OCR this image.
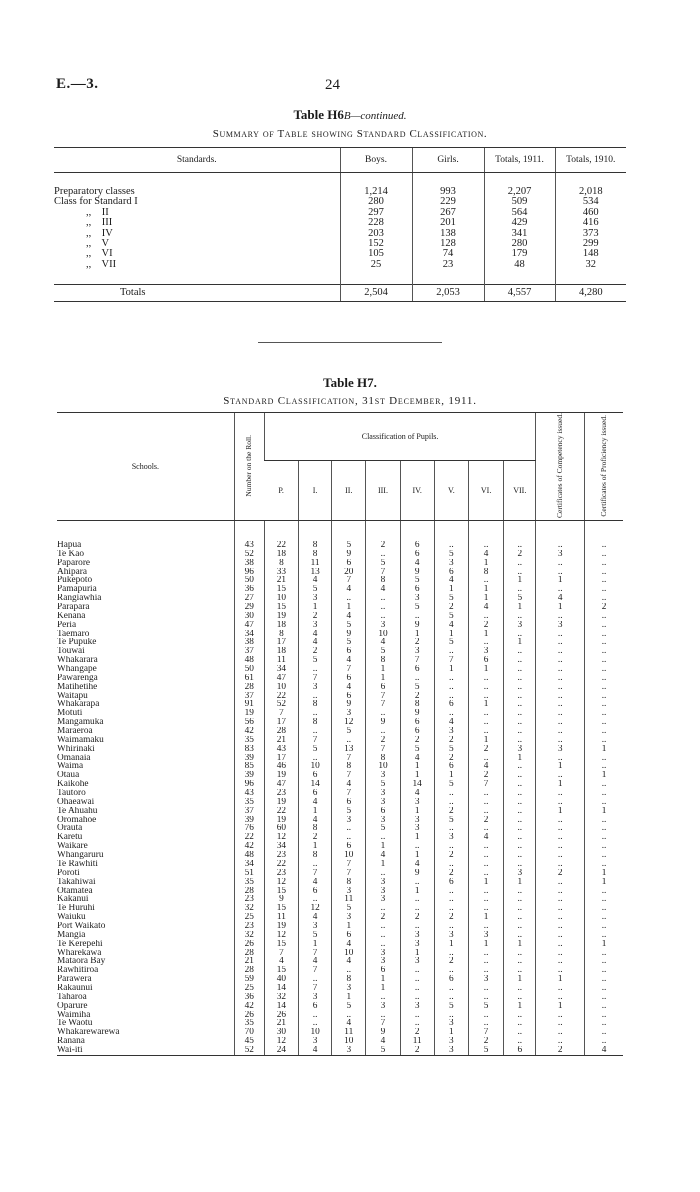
E.—3.	24
Table H6B—continued.
Summary of Table showing Standard Classification.
Standards.	Boys.	Girls.	Totals, 1911.	Totals, 1910.

Preparatory classes	1,214	993	2,207	2,018
Class for Standard I	280	229	509	534
,,    II	297	267	564	460
,,    III	228	201	429	416
,,    IV	203	138	341	373
,,    V	152	128	280	299
,,    VI	105	74	179	148
,,    VII	25	23	48	32

Totals	2,504	2,053	4,557	4,280
Table H7.
Standard Classification, 31st December, 1911.
Schools.	Number on the Roll.	Classification of Pupils.								Certificates of Competency issued.	Certificates of Proficiency issued.
		P.	I.	II.	III.	IV.	V.	VI.	VII.		

Hapua	43	22	8	5	2	6	..	..	..	..	..
Te Kao	52	18	8	9	..	6	5	4	2	3	..
Paparore	38	8	11	6	5	4	3	1	..	..	..
Ahipara	96	33	13	20	7	9	6	8	..	..	..
Pukepoto	50	21	4	7	8	5	4	..	1	1	..
Pamapuria	36	15	5	4	4	6	1	1	..	..	..
Rangiawhia	27	10	3	..	..	3	5	1	5	4	..
Parapara	29	15	1	1	..	5	2	4	1	1	2
Kenana	30	19	2	4	..	..	5	..	..	..	..
Peria	47	18	3	5	3	9	4	2	3	3	..
Taemaro	34	8	4	9	10	1	1	1	..	..	..
Te Pupuke	38	17	4	5	4	2	5	..	1	..	..
Touwai	37	18	2	6	5	3	..	3	..	..	..
Whakarara	48	11	5	4	8	7	7	6	..	..	..
Whangape	50	34	..	7	1	6	1	1	..	..	..
Pawarenga	61	47	7	6	1	..	..	..	..	..	..
Matihetihe	28	10	3	4	6	5	..	..	..	..	..
Waitapu	37	22	..	6	7	2	..	..	..	..	..
Whakarapa	91	52	8	9	7	8	6	1	..	..	..
Motuti	19	7	..	3	..	9	..	..	..	..	..
Mangamuka	56	17	8	12	9	6	4	..	..	..	..
Maraeroa	42	28	..	5	..	6	3	..	..	..	..
Waimamaku	35	21	7	..	2	2	2	1	..	..	..
Whirinaki	83	43	5	13	7	5	5	2	3	3	1
Omanaia	39	17	..	7	8	4	2	..	1	..	..
Waima	85	46	10	8	10	1	6	4	..	1	..
Otaua	39	19	6	7	3	1	1	2	..	..	1
Kaikohe	96	47	14	4	5	14	5	7	..	1	..
Tautoro	43	23	6	7	3	4	..	..	..	..	..
Ohaeawai	35	19	4	6	3	3	..	..	..	..	..
Te Ahuahu	37	22	1	5	6	1	2	..	..	1	1
Oromahoe	39	19	4	3	3	3	5	2	..	..	..
Orauta	76	60	8	..	5	3	..	..	..	..	..
Karetu	22	12	2	..	..	1	3	4	..	..	..
Waikare	42	34	1	6	1	..	..	..	..	..	..
Whangaruru	48	23	8	10	4	1	2	..	..	..	..
Te Rawhiti	34	22	..	7	1	4	..	..	..	..	..
Poroti	51	23	7	7	..	9	2	..	3	2	1
Takahiwai	35	12	4	8	3	..	6	1	1	..	1
Otamatea	28	15	6	3	3	1	..	..	..	..	..
Kakanui	23	9	..	11	3	..	..	..	..	..	..
Te Huruhi	32	15	12	5	..	..	..	..	..	..	..
Waiuku	25	11	4	3	2	2	2	1	..	..	..
Port Waikato	23	19	3	1	..	..	..	..	..	..	..
Mangia	32	12	5	6	..	3	3	3	..	..	..
Te Kerepehi	26	15	1	4	..	3	1	1	1	..	1
Wharekawa	28	7	7	10	3	1	..	..	..	..	..
Mataora Bay	21	4	4	4	3	3	2	..	..	..	..
Rawhitiroa	28	15	7	..	6	..	..	..	..	..	..
Parawera	59	40	..	8	1	..	6	3	1	1	..
Rakaunui	25	14	7	3	1	..	..	..	..	..	..
Taharoa	36	32	3	1	..	..	..	..	..	..	..
Oparure	42	14	6	5	3	3	5	5	1	1	..
Waimiha	26	26	..	..	..	..	..	..	..	..	..
Te Waotu	35	21	..	4	7	..	3	..	..	..	..
Whakarewarewa	70	30	10	11	9	2	1	7	..	..	..
Ranana	45	12	3	10	4	11	3	2	..	..	..
Wai-iti	52	24	4	3	5	2	3	5	6	2	4
